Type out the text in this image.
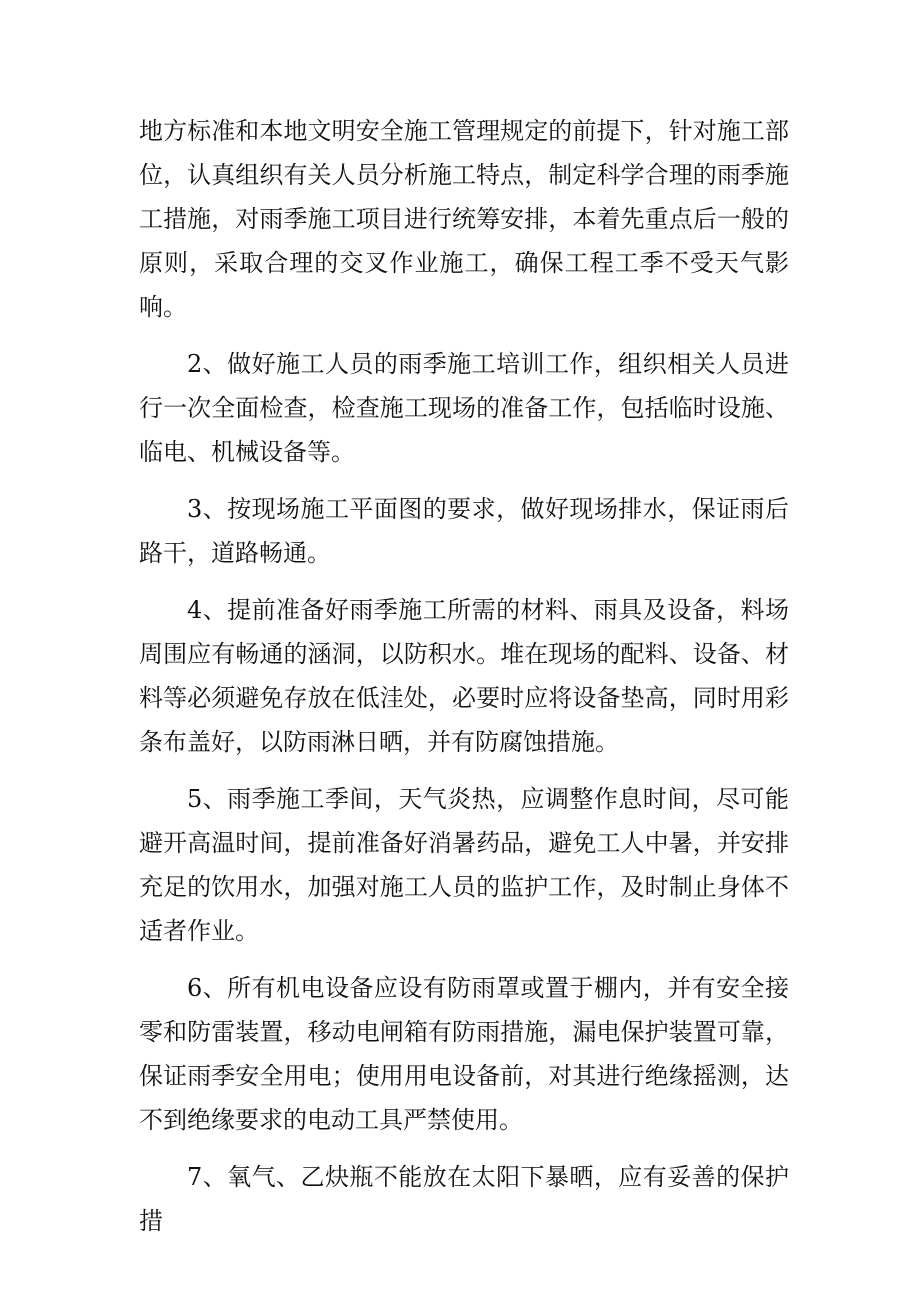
地方标准和本地文明安全施工管理规定的前提下，针对施工部位，认真组织有关人员分析施工特点，制定科学合理的雨季施工措施，对雨季施工项目进行统筹安排，本着先重点后一般的原则，采取合理的交叉作业施工，确保工程工季不受天气影响。

2、做好施工人员的雨季施工培训工作，组织相关人员进行一次全面检查，检查施工现场的准备工作，包括临时设施、临电、机械设备等。

3、按现场施工平面图的要求，做好现场排水，保证雨后路干，道路畅通。

4、提前准备好雨季施工所需的材料、雨具及设备，料场周围应有畅通的涵洞，以防积水。堆在现场的配料、设备、材料等必须避免存放在低洼处，必要时应将设备垫高，同时用彩条布盖好，以防雨淋日晒，并有防腐蚀措施。

5、雨季施工季间，天气炎热，应调整作息时间，尽可能避开高温时间，提前准备好消暑药品，避免工人中暑，并安排充足的饮用水，加强对施工人员的监护工作，及时制止身体不适者作业。

6、所有机电设备应设有防雨罩或置于棚内，并有安全接零和防雷装置，移动电闸箱有防雨措施，漏电保护装置可靠，保证雨季安全用电；使用用电设备前，对其进行绝缘摇测，达不到绝缘要求的电动工具严禁使用。

7、氧气、乙炔瓶不能放在太阳下暴晒，应有妥善的保护措
